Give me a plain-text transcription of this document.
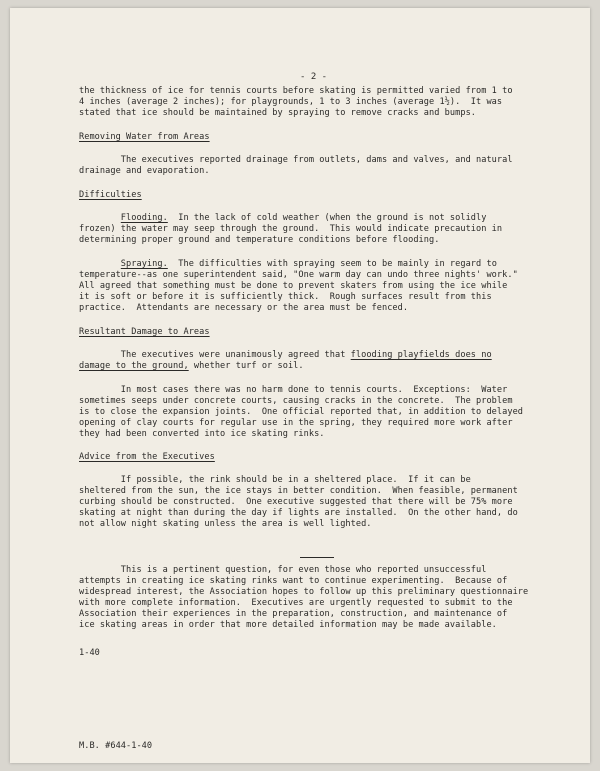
- 2 -

the thickness of ice for tennis courts before skating is permitted varied from 1 to

4 inches (average 2 inches); for playgrounds, 1 to 3 inches (average 1½).  It was

stated that ice should be maintained by spraying to remove cracks and bumps.

Removing Water from Areas

The executives reported drainage from outlets, dams and valves, and natural

drainage and evaporation.

Difficulties

Flooding.  In the lack of cold weather (when the ground is not solidly

frozen) the water may seep through the ground.  This would indicate precaution in

determining proper ground and temperature conditions before flooding.

Spraying.  The difficulties with spraying seem to be mainly in regard to

temperature--as one superintendent said, "One warm day can undo three nights' work."

All agreed that something must be done to prevent skaters from using the ice while

it is soft or before it is sufficiently thick.  Rough surfaces result from this

practice.  Attendants are necessary or the area must be fenced.

Resultant Damage to Areas

The executives were unanimously agreed that flooding playfields does no

damage to the ground, whether turf or soil.

In most cases there was no harm done to tennis courts.  Exceptions:  Water

sometimes seeps under concrete courts, causing cracks in the concrete.  The problem

is to close the expansion joints.  One official reported that, in addition to delayed

opening of clay courts for regular use in the spring, they required more work after

they had been converted into ice skating rinks.

Advice from the Executives

If possible, the rink should be in a sheltered place.  If it can be

sheltered from the sun, the ice stays in better condition.  When feasible, permanent

curbing should be constructed.  One executive suggested that there will be 75% more

skating at night than during the day if lights are installed.  On the other hand, do

not allow night skating unless the area is well lighted.

This is a pertinent question, for even those who reported unsuccessful

attempts in creating ice skating rinks want to continue experimenting.  Because of

widespread interest, the Association hopes to follow up this preliminary questionnaire

with more complete information.  Executives are urgently requested to submit to the

Association their experiences in the preparation, construction, and maintenance of

ice skating areas in order that more detailed information may be made available.

1-40

M.B. #644-1-40
